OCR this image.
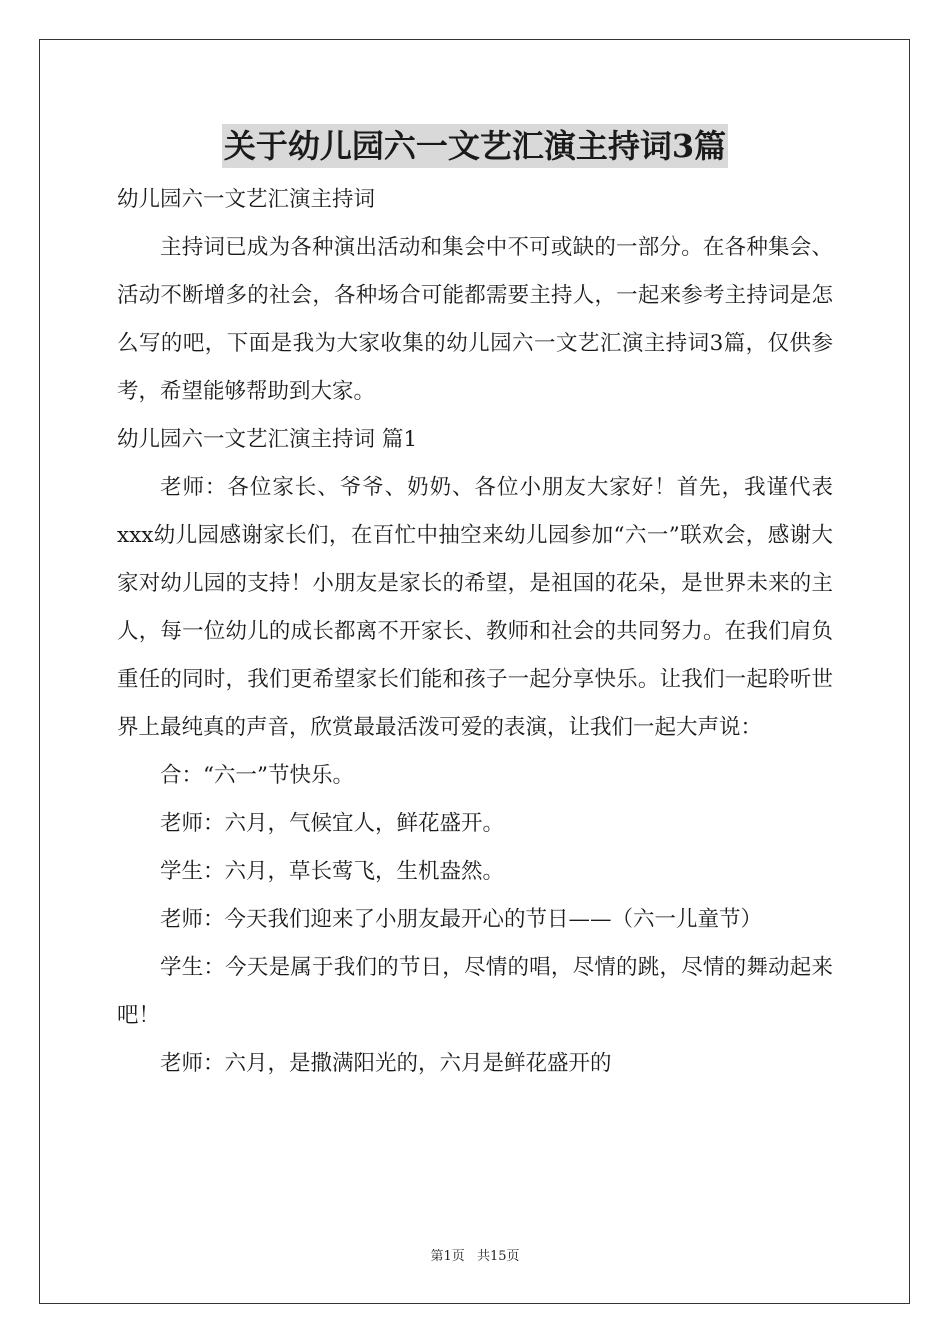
关于幼儿园六一文艺汇演主持词3篇

幼儿园六一文艺汇演主持词

主持词已成为各种演出活动和集会中不可或缺的一部分。在各种集会、活动不断增多的社会，各种场合可能都需要主持人，一起来参考主持词是怎么写的吧，下面是我为大家收集的幼儿园六一文艺汇演主持词3篇，仅供参考，希望能够帮助到大家。

幼儿园六一文艺汇演主持词 篇1

老师：各位家长、爷爷、奶奶、各位小朋友大家好！首先，我谨代表xxx幼儿园感谢家长们，在百忙中抽空来幼儿园参加“六一”联欢会，感谢大家对幼儿园的支持！小朋友是家长的希望，是祖国的花朵，是世界未来的主人，每一位幼儿的成长都离不开家长、教师和社会的共同努力。在我们肩负重任的同时，我们更希望家长们能和孩子一起分享快乐。让我们一起聆听世界上最纯真的声音，欣赏最最活泼可爱的表演，让我们一起大声说：

合：“六一”节快乐。

老师：六月，气候宜人，鲜花盛开。

学生：六月，草长莺飞，生机盎然。

老师：今天我们迎来了小朋友最开心的节日——（六一儿童节）

学生：今天是属于我们的节日，尽情的唱，尽情的跳，尽情的舞动起来吧！

老师：六月，是撒满阳光的，六月是鲜花盛开的

第1页 共15页
